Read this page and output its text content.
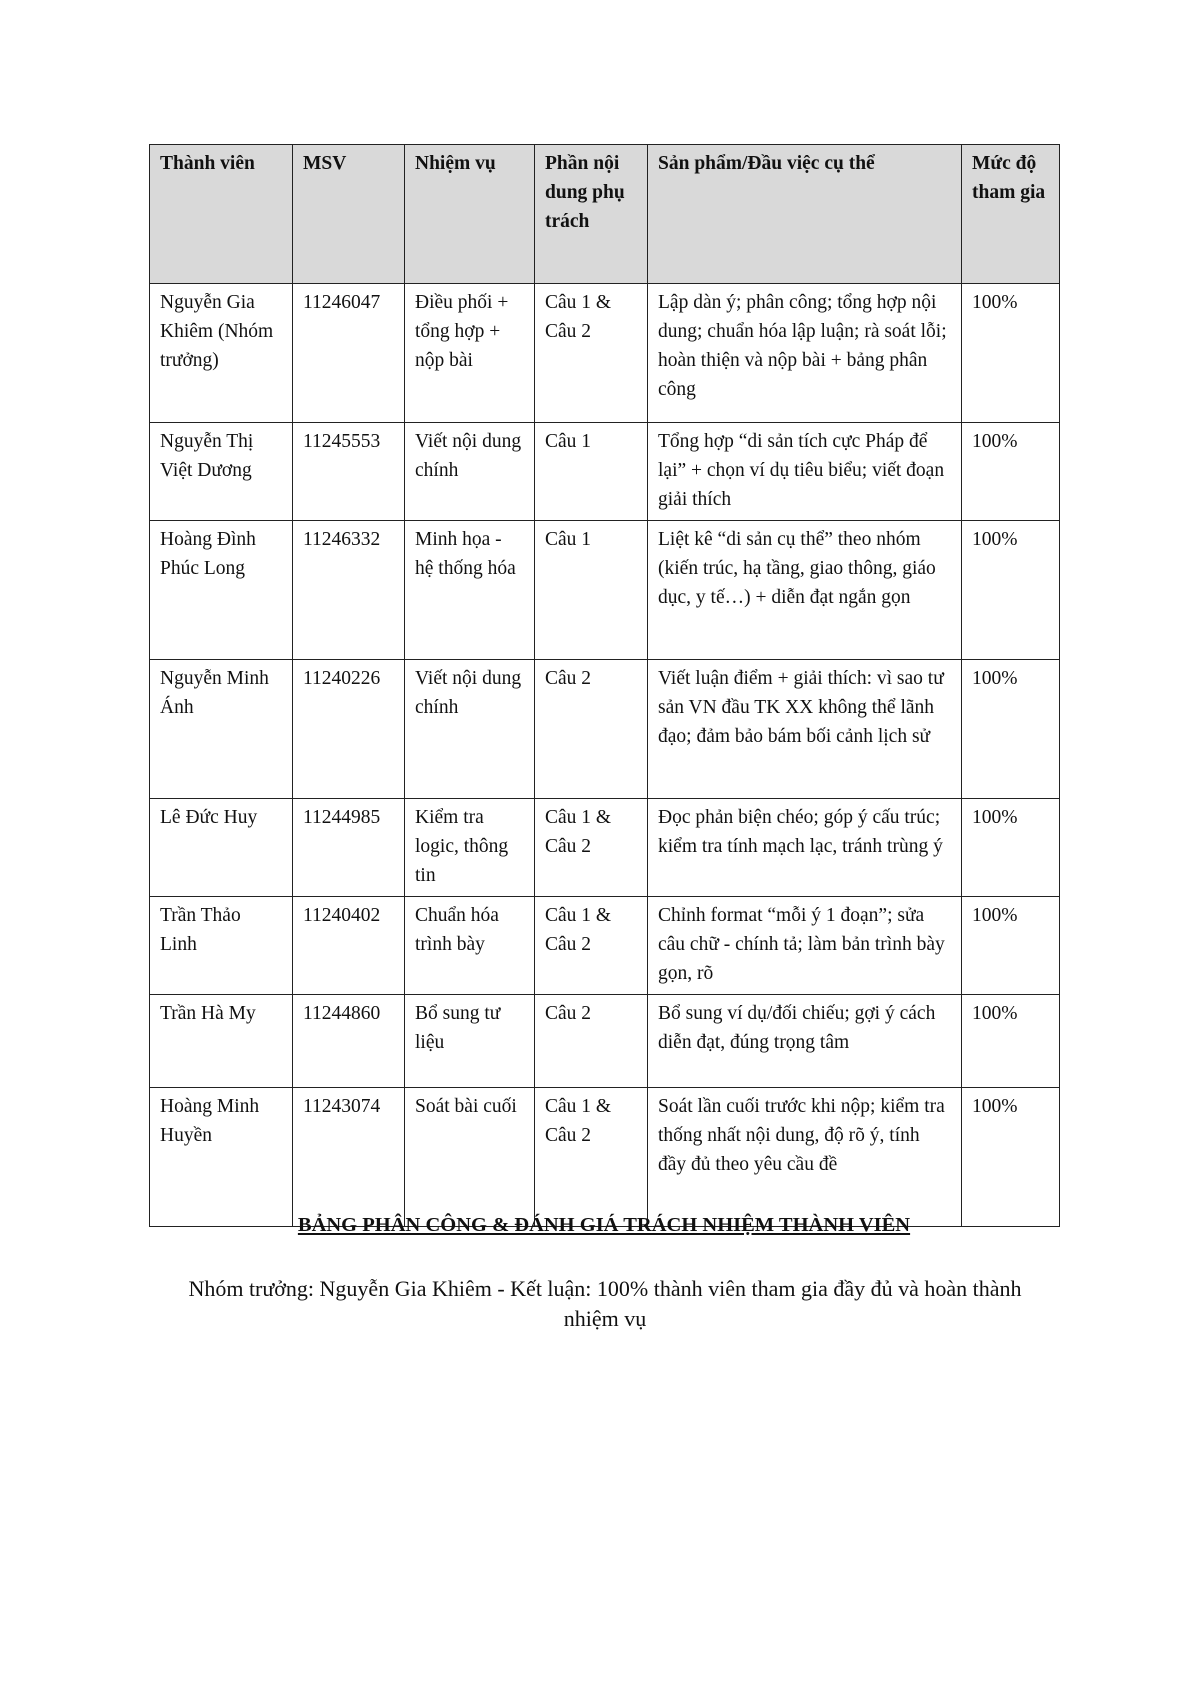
Thành viên	MSV	Nhiệm vụ	Phần nội dung phụ trách	Sản phẩm/Đầu việc cụ thể	Mức độ tham gia
Nguyễn Gia Khiêm (Nhóm trưởng)	11246047	Điều phối + tổng hợp + nộp bài	Câu 1 & Câu 2	Lập dàn ý; phân công; tổng hợp nội dung; chuẩn hóa lập luận; rà soát lỗi; hoàn thiện và nộp bài + bảng phân công	100%
Nguyễn Thị Việt Dương	11245553	Viết nội dung chính	Câu 1	Tổng hợp “di sản tích cực Pháp để lại” + chọn ví dụ tiêu biểu; viết đoạn giải thích	100%
Hoàng Đình Phúc Long	11246332	Minh họa - hệ thống hóa	Câu 1	Liệt kê “di sản cụ thể” theo nhóm (kiến trúc, hạ tầng, giao thông, giáo dục, y tế…) + diễn đạt ngắn gọn	100%
Nguyễn Minh Ánh	11240226	Viết nội dung chính	Câu 2	Viết luận điểm + giải thích: vì sao tư sản VN đầu TK XX không thể lãnh đạo; đảm bảo bám bối cảnh lịch sử	100%
Lê Đức Huy	11244985	Kiểm tra logic, thông tin	Câu 1 & Câu 2	Đọc phản biện chéo; góp ý cấu trúc; kiểm tra tính mạch lạc, tránh trùng ý	100%
Trần Thảo Linh	11240402	Chuẩn hóa trình bày	Câu 1 & Câu 2	Chỉnh format “mỗi ý 1 đoạn”; sửa câu chữ - chính tả; làm bản trình bày gọn, rõ	100%
Trần Hà My	11244860	Bổ sung tư liệu	Câu 2	Bổ sung ví dụ/đối chiếu; gợi ý cách diễn đạt, đúng trọng tâm	100%
Hoàng Minh Huyền	11243074	Soát bài cuối	Câu 1 & Câu 2	Soát lần cuối trước khi nộp; kiểm tra thống nhất nội dung, độ rõ ý, tính đầy đủ theo yêu cầu đề	100%

BẢNG PHÂN CÔNG & ĐÁNH GIÁ TRÁCH NHIỆM THÀNH VIÊN

Nhóm trưởng: Nguyễn Gia Khiêm - Kết luận: 100% thành viên tham gia đầy đủ và hoàn thành nhiệm vụ
